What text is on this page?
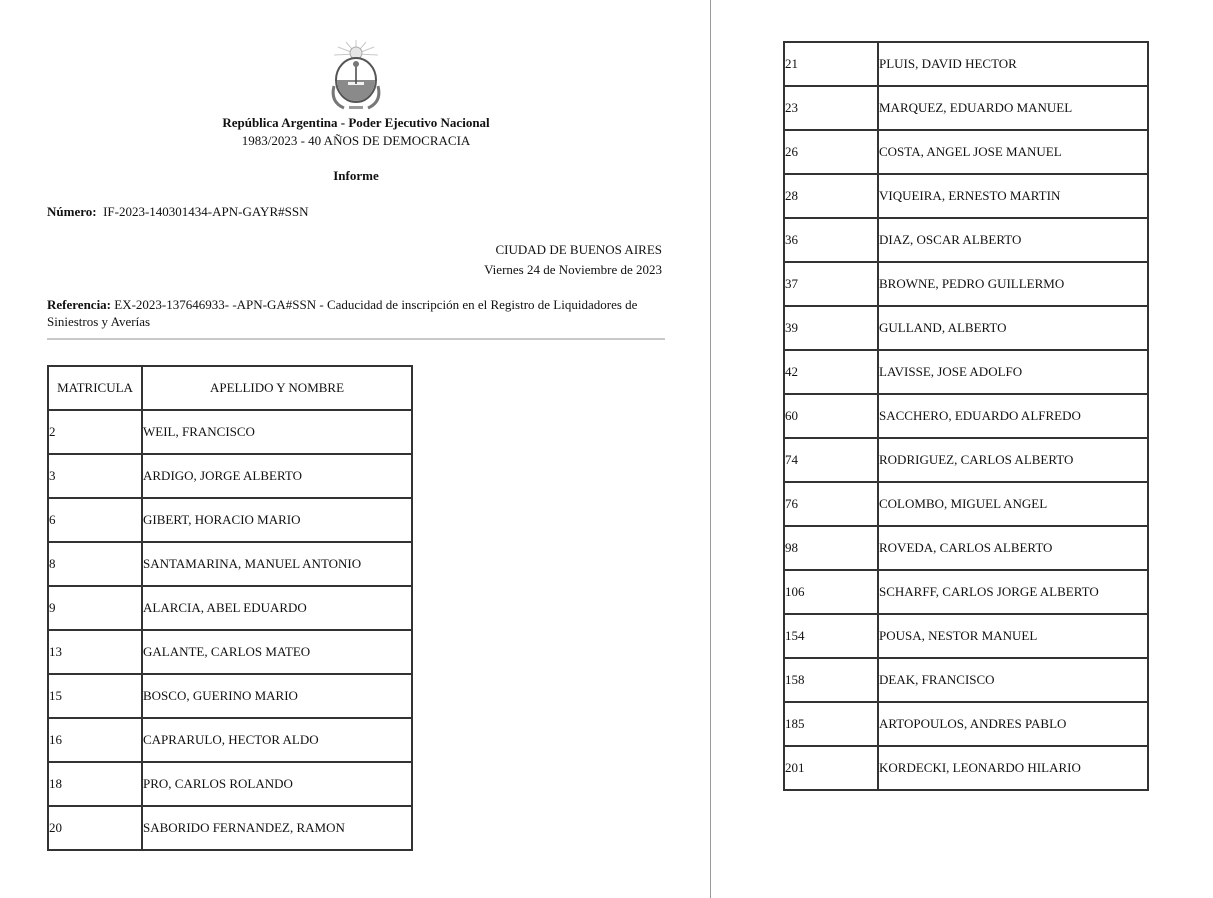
República Argentina - Poder Ejecutivo Nacional
1983/2023 - 40 AÑOS DE DEMOCRACIA
Informe
Número: IF-2023-140301434-APN-GAYR#SSN
CIUDAD DE BUENOS AIRES
Viernes 24 de Noviembre de 2023
Referencia: EX-2023-137646933- -APN-GA#SSN - Caducidad de inscripción en el Registro de Liquidadores de Siniestros y Averías
MATRICULA	APELLIDO Y NOMBRE
2	WEIL, FRANCISCO
3	ARDIGO, JORGE ALBERTO
6	GIBERT, HORACIO MARIO
8	SANTAMARINA, MANUEL ANTONIO
9	ALARCIA, ABEL EDUARDO
13	GALANTE, CARLOS MATEO
15	BOSCO, GUERINO MARIO
16	CAPRARULO, HECTOR ALDO
18	PRO, CARLOS ROLANDO
20	SABORIDO FERNANDEZ, RAMON
21	PLUIS, DAVID HECTOR
23	MARQUEZ, EDUARDO MANUEL
26	COSTA, ANGEL JOSE MANUEL
28	VIQUEIRA, ERNESTO MARTIN
36	DIAZ, OSCAR ALBERTO
37	BROWNE, PEDRO GUILLERMO
39	GULLAND, ALBERTO
42	LAVISSE, JOSE ADOLFO
60	SACCHERO, EDUARDO ALFREDO
74	RODRIGUEZ, CARLOS ALBERTO
76	COLOMBO, MIGUEL ANGEL
98	ROVEDA, CARLOS ALBERTO
106	SCHARFF, CARLOS JORGE ALBERTO
154	POUSA, NESTOR MANUEL
158	DEAK, FRANCISCO
185	ARTOPOULOS, ANDRES PABLO
201	KORDECKI, LEONARDO HILARIO
